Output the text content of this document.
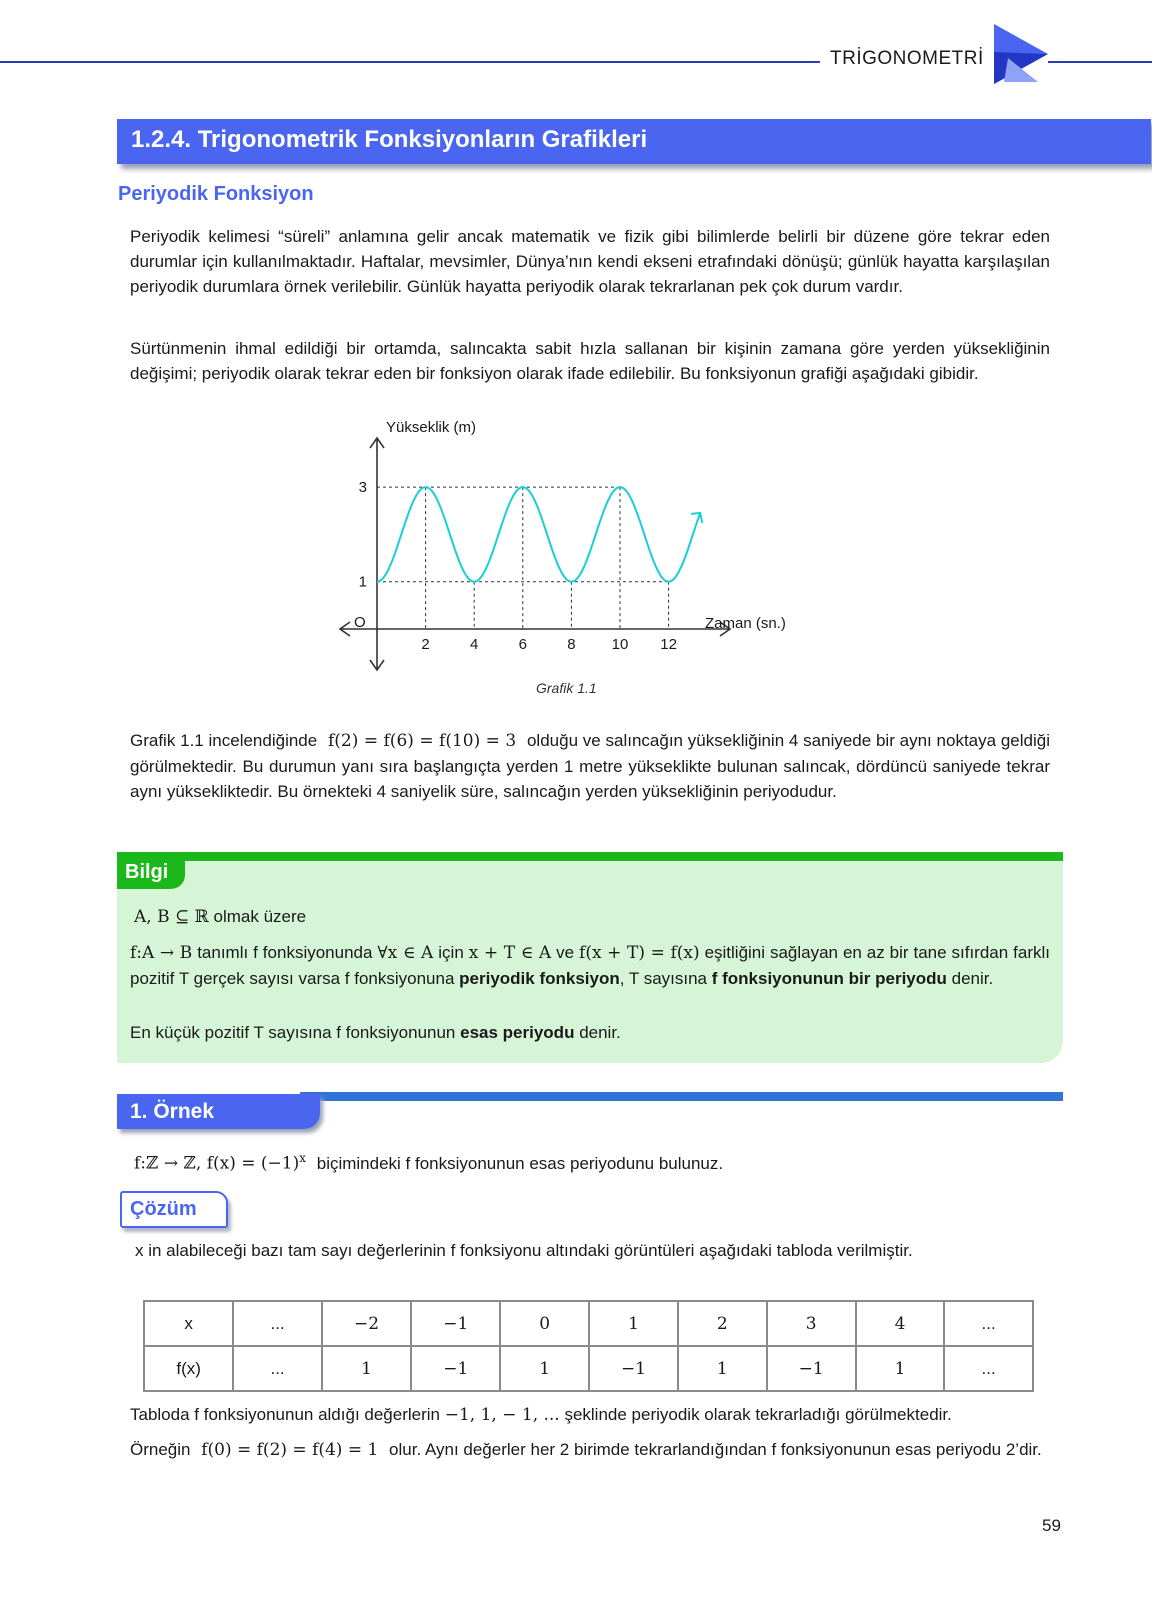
TRİGONOMETRİ
1.2.4. Trigonometrik Fonksiyonların Grafikleri
Periyodik Fonksiyon
Periyodik kelimesi “süreli” anlamına gelir ancak matematik ve fizik gibi bilimlerde belirli bir düzene göre tekrar eden durumlar için kullanılmaktadır. Haftalar, mevsimler, Dünya’nın kendi ekseni etrafındaki dönüşü; günlük hayatta karşılaşılan periyodik durumlara örnek verilebilir. Günlük hayatta periyodik olarak tekrarlanan pek çok durum vardır.
Sürtünmenin ihmal edildiği bir ortamda, salıncakta sabit hızla sallanan bir kişinin zamana göre yerden yüksekliğinin değişimi; periyodik olarak tekrar eden bir fonksiyon olarak ifade edilebilir. Bu fonksiyonun grafiği aşağıdaki gibidir.
2	4	6	8 10 12
1
3
Yükseklik (m)
Zaman (sn.)
O
Grafik 1.1
Grafik 1.1 incelendiğinde f(2) = f(6) = f(10) = 3 olduğu ve salıncağın yüksekliğinin 4 saniyede bir aynı noktaya geldiği görülmektedir. Bu durumun yanı sıra başlangıçta yerden 1 metre yükseklikte bulunan salıncak, dördüncü saniyede tekrar aynı yüksekliktedir. Bu örnekteki 4 saniyelik süre, salıncağın yerden yüksekliğinin periyodudur.
Bilgi
A, B ⊆ ℝ olmak üzere
f:A → B tanımlı f fonksiyonunda ∀x ∈ A için x + T ∈ A ve f(x + T) = f(x) eşitliğini sağlayan en az bir tane sıfırdan farklı pozitif T gerçek sayısı varsa f fonksiyonuna periyodik fonksiyon, T sayısına f fonksiyonunun bir periyodu denir.
En küçük pozitif T sayısına f fonksiyonunun esas periyodu denir.
1. Örnek
f:ℤ → ℤ, $f(x) = (-1)^x$ biçimindeki f fonksiyonunun esas periyodunu bulunuz.
Çözüm
x in alabileceği bazı tam sayı değerlerinin f fonksiyonu altındaki görüntüleri aşağıdaki tabloda verilmiştir.
x	...	−2	−1	0	1	2	3	4	...
f(x)	...	1	−1	1	−1	1	−1	1	...
Tabloda f fonksiyonunun aldığı değerlerin −1, 1, − 1, ... şeklinde periyodik olarak tekrarladığı görülmektedir.
Örneğin f(0) = f(2) = f(4) = 1 olur. Aynı değerler her 2 birimde tekrarlandığından f fonksiyonunun esas periyodu 2’dir.
59
